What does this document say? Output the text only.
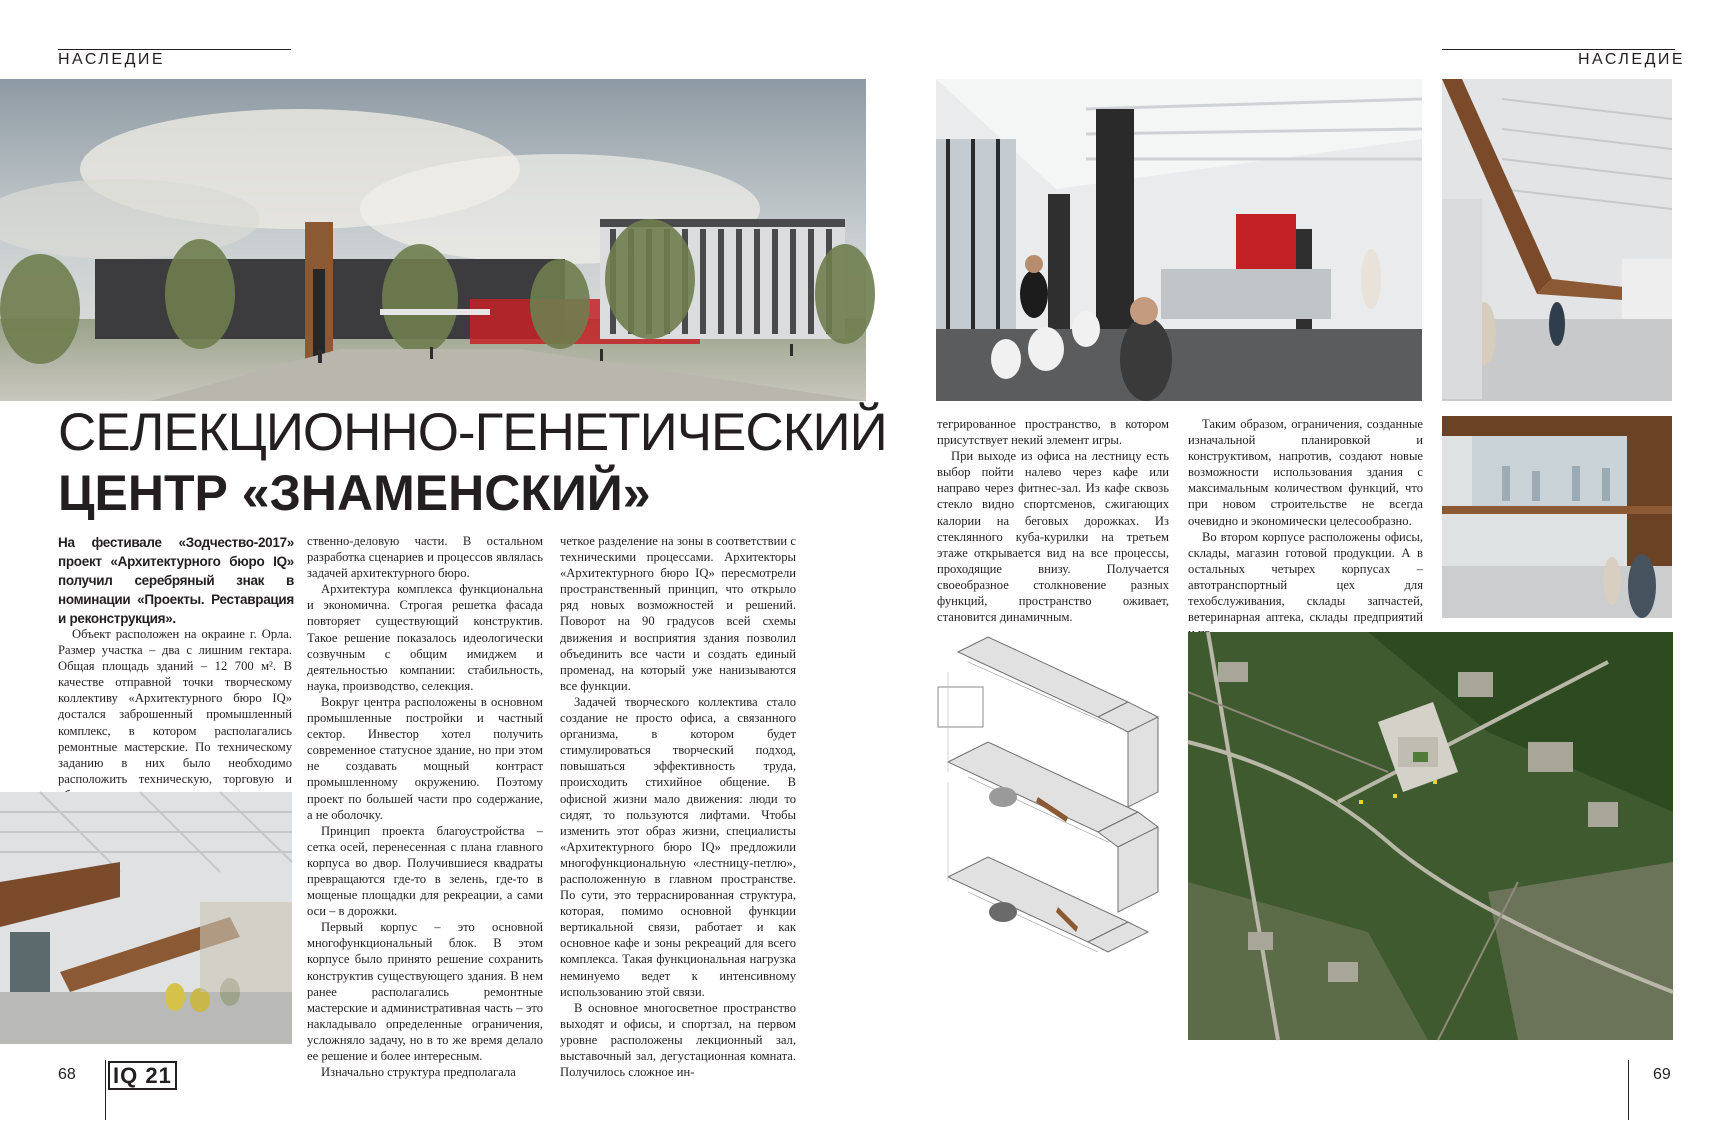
НАСЛЕДИЕ	НАСЛЕДИЕ
СЕЛЕКЦИОННО-ГЕНЕТИЧЕСКИЙ
ЦЕНТР «ЗНАМЕНСКИЙ»
На фестивале «Зодчество-2017» проект «Архитектурного бюро IQ» получил серебряный знак в номинации «Проекты. Реставрация и реконструкция».

Объект расположен на окраине г. Орла. Размер участка – два с лишним гектара. Общая площадь зданий – 12 700 м². В качестве отправной точки творческому коллективу «Архитектурного бюро IQ» достался заброшенный промышленный комплекс, в котором располагались ремонтные мастерские. По техническому заданию в них было необходимо расположить техническую, торговую и

ственно-деловую части. В остальном разработка сценариев и процессов являлась задачей архитектурного бюро.

Архитектура комплекса функциональна и экономична. Строгая решетка фасада повторяет существующий конструктив. Такое решение показалось идеологически созвучным с общим имиджем и деятельностью компании: стабильность, наука, производство, селекция.

Вокруг центра расположены в основном промышленные постройки и частный сектор. Инвестор хотел получить современное статусное здание, но при этом не создавать мощный контраст промышленному окружению. Поэтому проект по большей части про содержание, а не оболочку.

Принцип проекта благоустройства – сетка осей, перенесенная с плана главного корпуса во двор. Получившиеся квадраты превращаются где-то в зелень, где-то в мощеные площадки для рекреации, а сами оси – в дорожки.

Первый корпус – это основной многофункциональный блок. В этом корпусе было принято решение сохранить конструктив существующего здания. В нем ранее располагались ремонтные мастерские и административная часть – это накладывало определенные ограничения, усложняло задачу, но в то же время делало ее решение и более интересным.

Изначально структура предполагала

четкое разделение на зоны в соответствии с техническими процессами. Архитекторы «Архитектурного бюро IQ» пересмотрели пространственный принцип, что открыло ряд новых возможностей и решений. Поворот на 90 градусов всей схемы движения и восприятия здания позволил объединить все части и создать единый променад, на который уже нанизываются все функции.

Задачей творческого коллектива стало создание не просто офиса, а связанного организма, в котором будет стимулироваться творческий подход, повышаться эффективность труда, происходить стихийное общение. В офисной жизни мало движения: люди то сидят, то пользуются лифтами. Чтобы изменить этот образ жизни, специалисты «Архитектурного бюро IQ» предложили многофункциональную «лестницу-петлю», расположенную в главном пространстве. По сути, это терраснированная структура, которая, помимо основной функции вертикальной связи, работает и как основное кафе и зоны рекреаций для всего комплекса. Такая функциональная нагрузка неминуемо ведет к интенсивному использованию этой связи.

В основное многосветное пространство выходят и офисы, и спортзал, на первом уровне расположены лекционный зал, выставочный зал, дегустационная комната. Получилось сложное ин-

тегрированное пространство, в котором присутствует некий элемент игры.

При выходе из офиса на лестницу есть выбор пойти налево через кафе или направо через фитнес-зал. Из кафе сквозь стекло видно спортсменов, сжигающих калории на беговых дорожках. Из стеклянного куба-курилки на третьем этаже открывается вид на все процессы, проходящие внизу. Получается своеобразное столкновение разных функций, пространство оживает, становится динамичным.

Таким образом, ограничения, созданные изначальной планировкой и конструктивом, напротив, создают новые возможности использования здания с максимальным количеством функций, что при новом строительстве не всегда очевидно и экономически целесообразно.

Во втором корпусе расположены офисы, склады, магазин готовой продукции. А в остальных четырех корпусах – автотранспортный цех для техобслуживания, склады запчастей, ветеринарная аптека, склады предприятий

68 IQ 21	69
